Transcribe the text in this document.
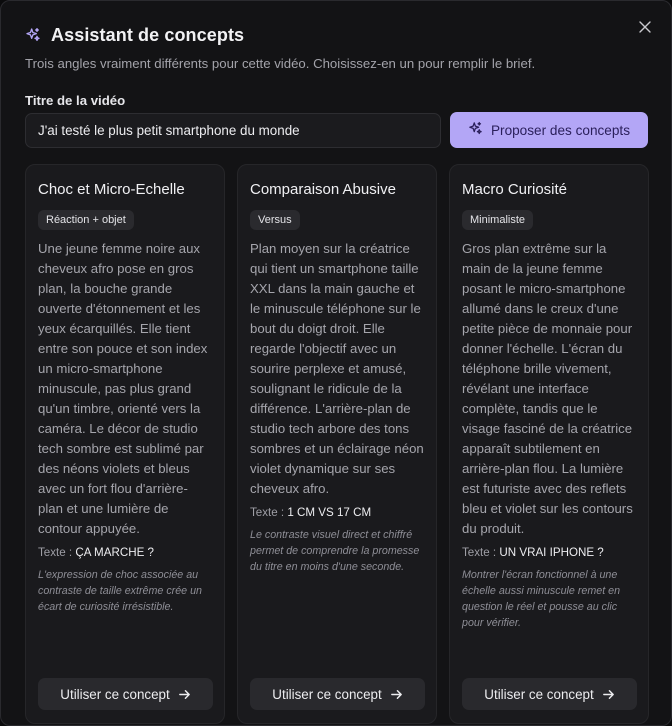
Assistant de concepts

Trois angles vraiment différents pour cette vidéo. Choisissez-en un pour remplir le brief.

Titre de la vidéo
J'ai testé le plus petit smartphone du monde
Proposer des concepts
Choc et Micro-Echelle
Réaction + objet

Une jeune femme noire aux cheveux afro pose en gros plan, la bouche grande ouverte d'étonnement et les yeux écarquillés. Elle tient entre son pouce et son index un micro-smartphone minuscule, pas plus grand qu'un timbre, orienté vers la caméra. Le décor de studio tech sombre est sublimé par des néons violets et bleus avec un fort flou d'arrière-plan et une lumière de contour appuyée.

Texte : ÇA MARCHE ?

L'expression de choc associée au contraste de taille extrême crée un écart de curiosité irrésistible.

Utiliser ce concept
Comparaison Abusive
Versus

Plan moyen sur la créatrice qui tient un smartphone taille XXL dans la main gauche et le minuscule téléphone sur le bout du doigt droit. Elle regarde l'objectif avec un sourire perplexe et amusé, soulignant le ridicule de la différence. L'arrière-plan de studio tech arbore des tons sombres et un éclairage néon violet dynamique sur ses cheveux afro.

Texte : 1 CM VS 17 CM

Le contraste visuel direct et chiffré permet de comprendre la promesse du titre en moins d'une seconde.

Utiliser ce concept
Macro Curiosité
Minimaliste

Gros plan extrême sur la main de la jeune femme posant le micro-smartphone allumé dans le creux d'une petite pièce de monnaie pour donner l'échelle. L'écran du téléphone brille vivement, révélant une interface complète, tandis que le visage fasciné de la créatrice apparaît subtilement en arrière-plan flou. La lumière est futuriste avec des reflets bleu et violet sur les contours du produit.

Texte : UN VRAI IPHONE ?

Montrer l'écran fonctionnel à une échelle aussi minuscule remet en question le réel et pousse au clic pour vérifier.

Utiliser ce concept
